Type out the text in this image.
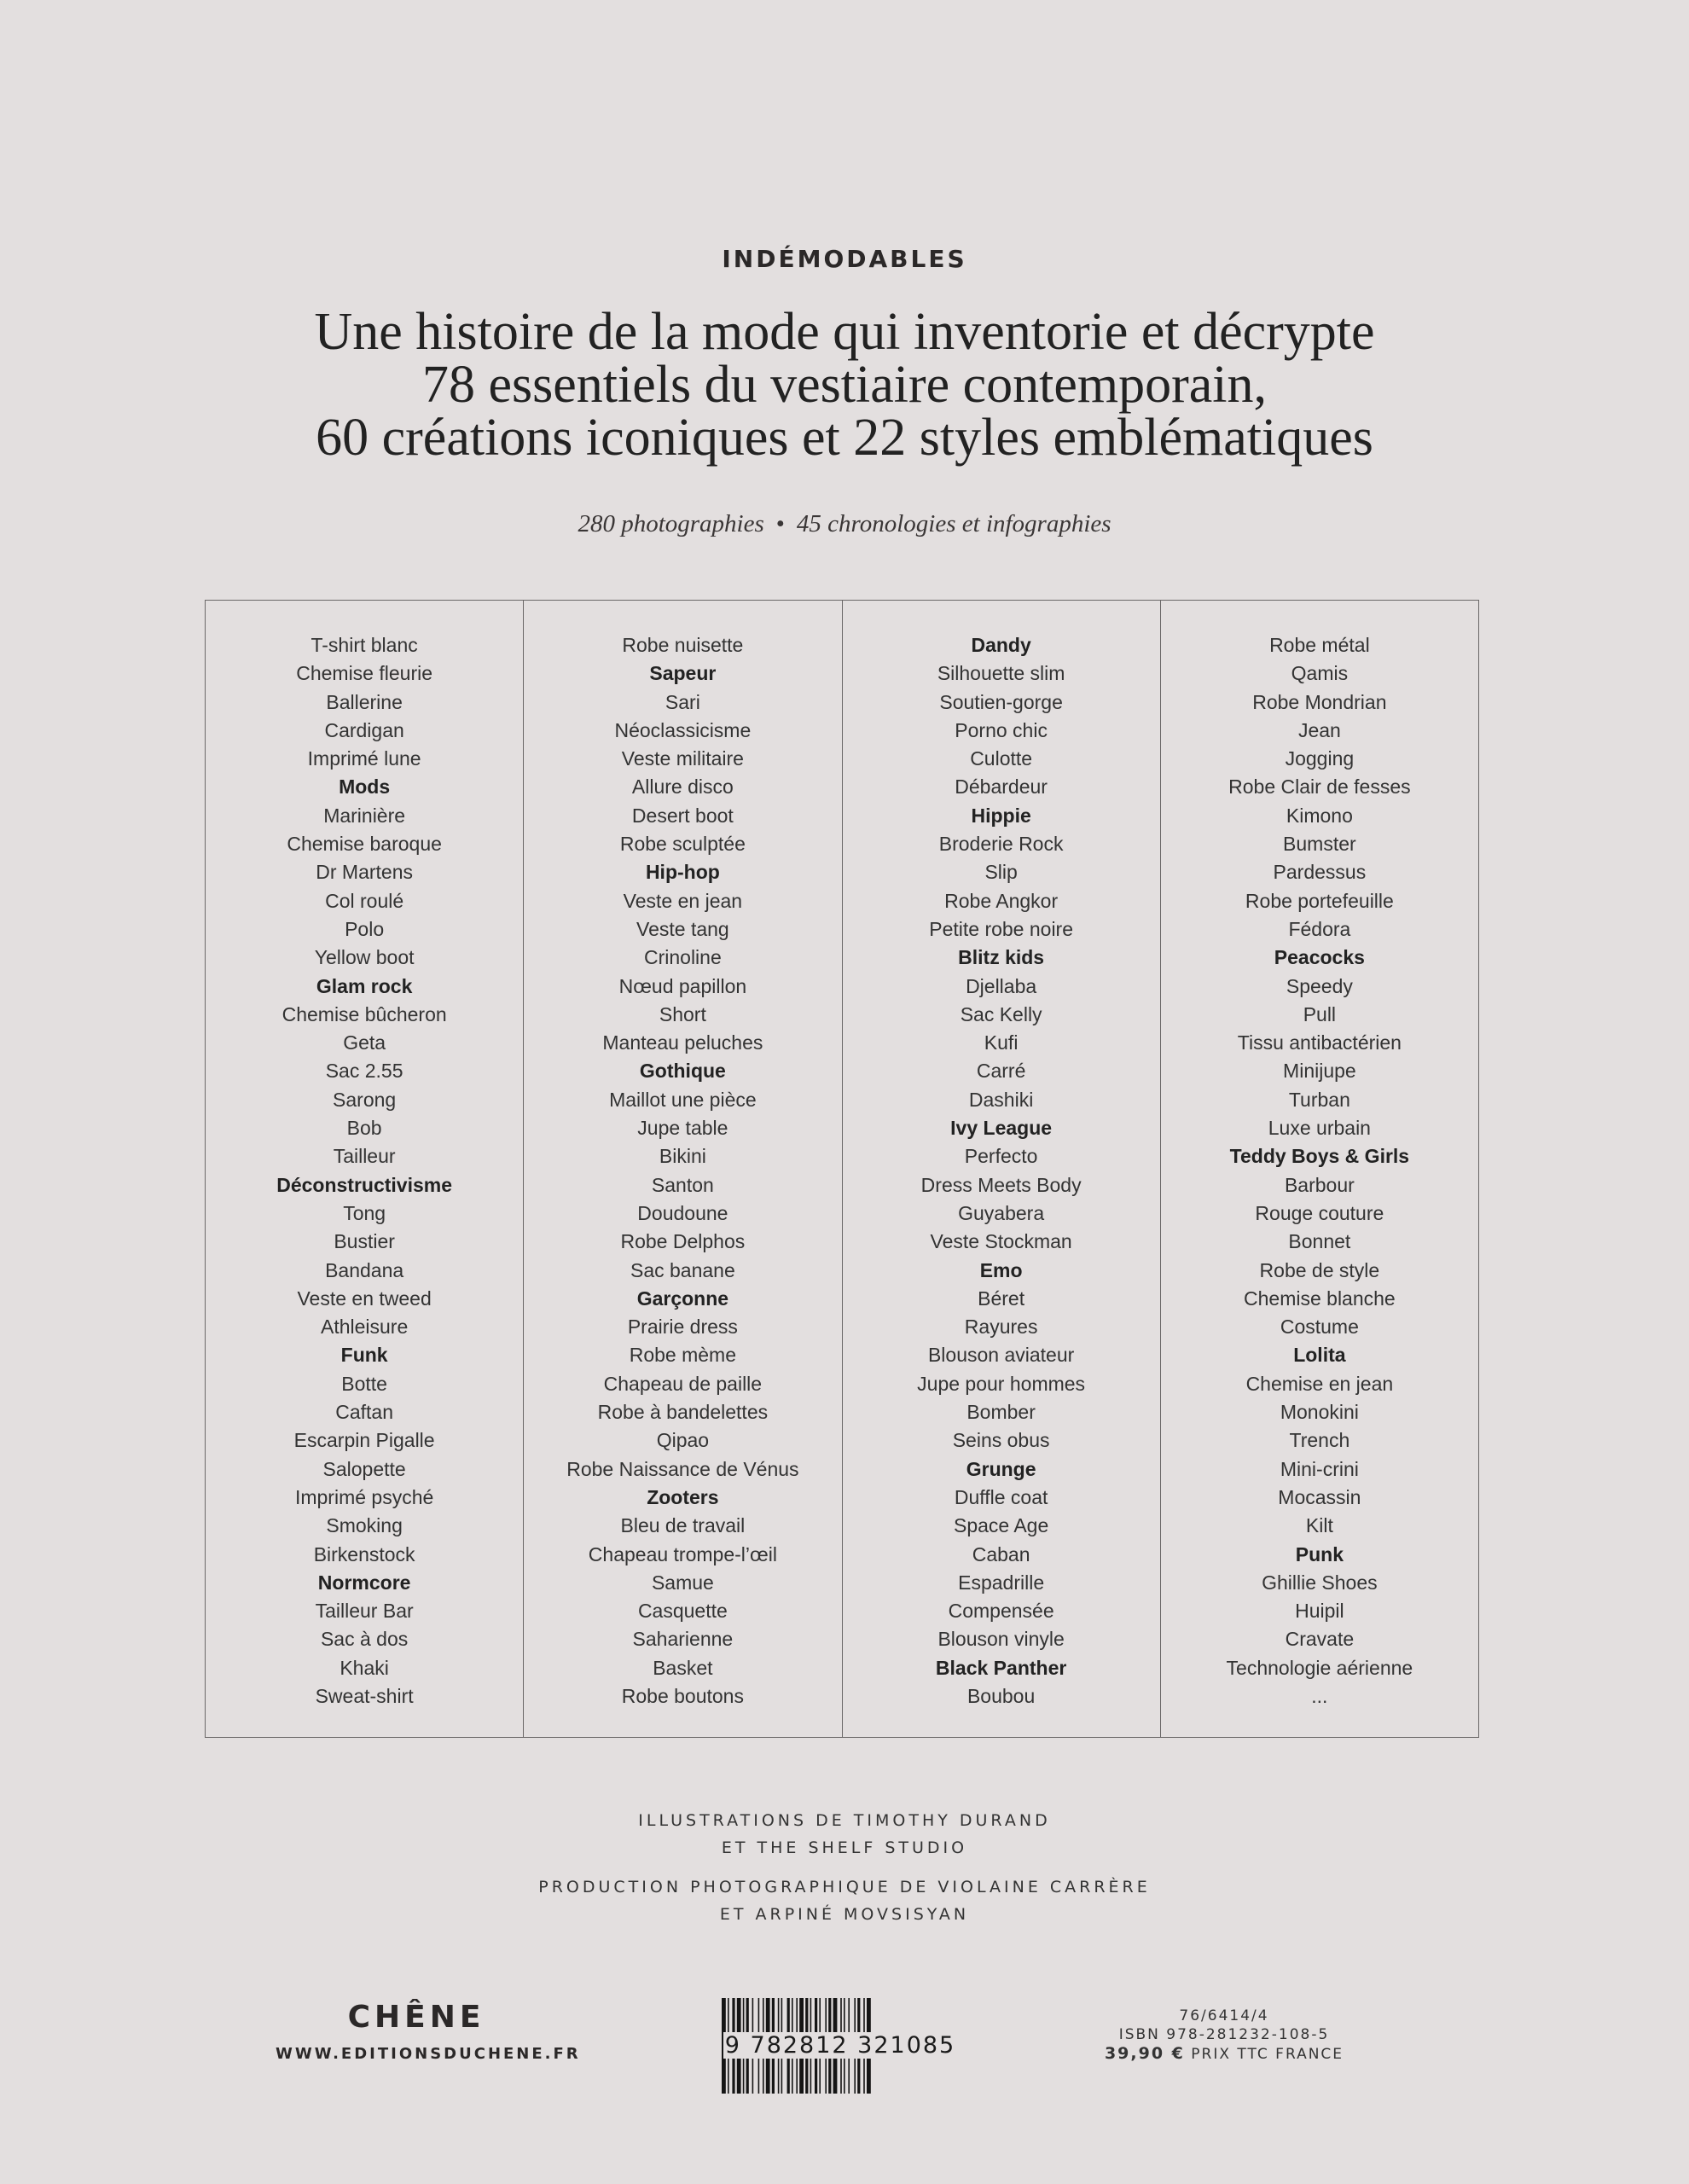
INDÉMODABLES
Une histoire de la mode qui inventorie et décrypte
78 essentiels du vestiaire contemporain,
60 créations iconiques et 22 styles emblématiques
280 photographies • 45 chronologies et infographies
T-shirt blanc
Chemise fleurie
Ballerine
Cardigan
Imprimé lune
Mods
Marinière
Chemise baroque
Dr Martens
Col roulé
Polo
Yellow boot
Glam rock
Chemise bûcheron
Geta
Sac 2.55
Sarong
Bob
Tailleur
Déconstructivisme
Tong
Bustier
Bandana
Veste en tweed
Athleisure
Funk
Botte
Caftan
Escarpin Pigalle
Salopette
Imprimé psyché
Smoking
Birkenstock
Normcore
Tailleur Bar
Sac à dos
Khaki
Sweat-shirt
Robe nuisette
Sapeur
Sari
Néoclassicisme
Veste militaire
Allure disco
Desert boot
Robe sculptée
Hip-hop
Veste en jean
Veste tang
Crinoline
Nœud papillon
Short
Manteau peluches
Gothique
Maillot une pièce
Jupe table
Bikini
Santon
Doudoune
Robe Delphos
Sac banane
Garçonne
Prairie dress
Robe mème
Chapeau de paille
Robe à bandelettes
Qipao
Robe Naissance de Vénus
Zooters
Bleu de travail
Chapeau trompe-l’œil
Samue
Casquette
Saharienne
Basket
Robe boutons
Dandy
Silhouette slim
Soutien-gorge
Porno chic
Culotte
Débardeur
Hippie
Broderie Rock
Slip
Robe Angkor
Petite robe noire
Blitz kids
Djellaba
Sac Kelly
Kufi
Carré
Dashiki
Ivy League
Perfecto
Dress Meets Body
Guyabera
Veste Stockman
Emo
Béret
Rayures
Blouson aviateur
Jupe pour hommes
Bomber
Seins obus
Grunge
Duffle coat
Space Age
Caban
Espadrille
Compensée
Blouson vinyle
Black Panther
Boubou
Robe métal
Qamis
Robe Mondrian
Jean
Jogging
Robe Clair de fesses
Kimono
Bumster
Pardessus
Robe portefeuille
Fédora
Peacocks
Speedy
Pull
Tissu antibactérien
Minijupe
Turban
Luxe urbain
Teddy Boys & Girls
Barbour
Rouge couture
Bonnet
Robe de style
Chemise blanche
Costume
Lolita
Chemise en jean
Monokini
Trench
Mini-crini
Mocassin
Kilt
Punk
Ghillie Shoes
Huipil
Cravate
Technologie aérienne
...
ILLUSTRATIONS DE TIMOTHY DURAND
ET THE SHELF STUDIO
PRODUCTION PHOTOGRAPHIQUE DE VIOLAINE CARRÈRE
ET ARPINÉ MOVSISYAN
CHÊNE
WWW.EDITIONSDUCHENE.FR	9 782812 321085
76/6414/4
ISBN 978-281232-108-5
39,90 € PRIX TTC FRANCE
